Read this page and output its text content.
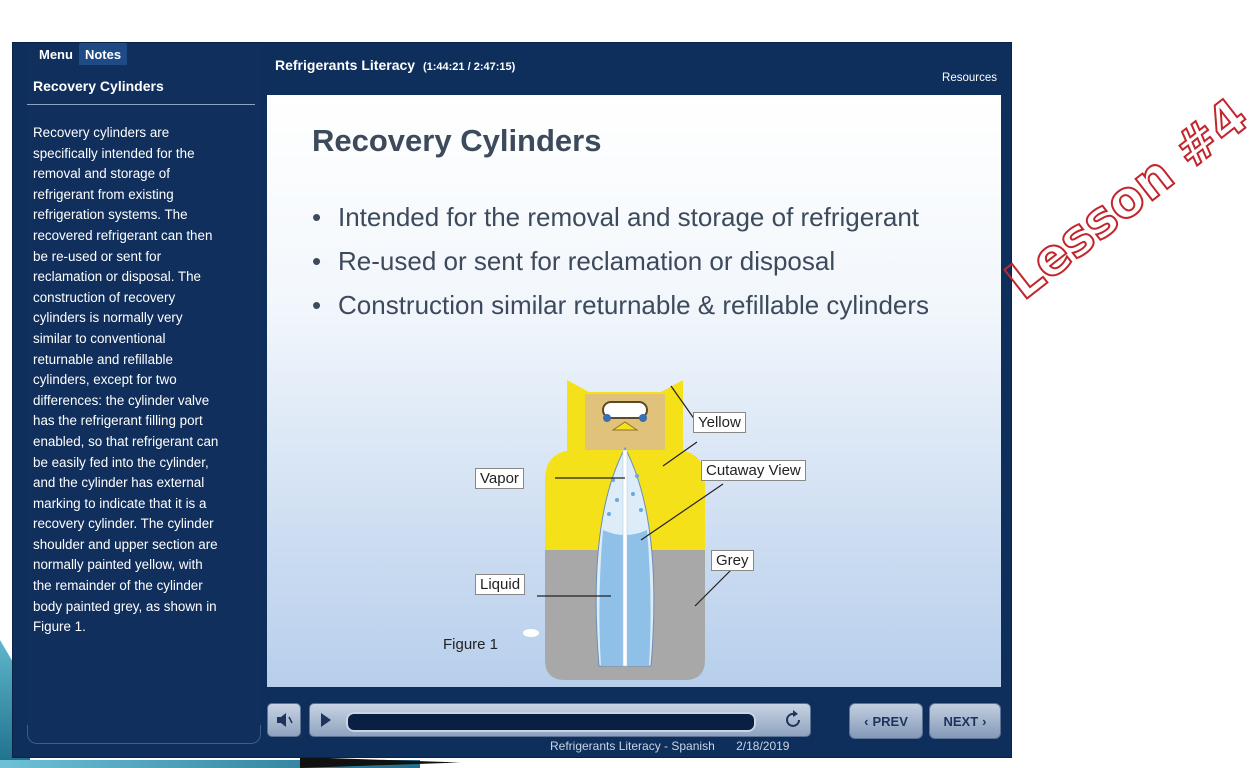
Menu Notes
Recovery Cylinders
Recovery cylinders are specifically intended for the removal and storage of refrigerant from existing refrigeration systems. The recovered refrigerant can then be re-used or sent for reclamation or disposal. The construction of recovery cylinders is normally very similar to conventional returnable and refillable cylinders, except for two differences: the cylinder valve has the refrigerant filling port enabled, so that refrigerant can be easily fed into the cylinder, and the cylinder has external marking to indicate that it is a recovery cylinder. The cylinder shoulder and upper section are normally painted yellow, with the remainder of the cylinder body painted grey, as shown in Figure 1.
Refrigerants Literacy (1:44:21 / 2:47:15)
Resources
Recovery Cylinders
• Intended for the removal and storage of refrigerant
• Re-used or sent for reclamation or disposal
• Construction similar returnable & refillable cylinders
Yellow
Cutaway View
Vapor
Liquid
Grey
Figure 1
Lesson #4
‹ PREV	NEXT ›
Refrigerants Literacy - Spanish 2/18/2019
